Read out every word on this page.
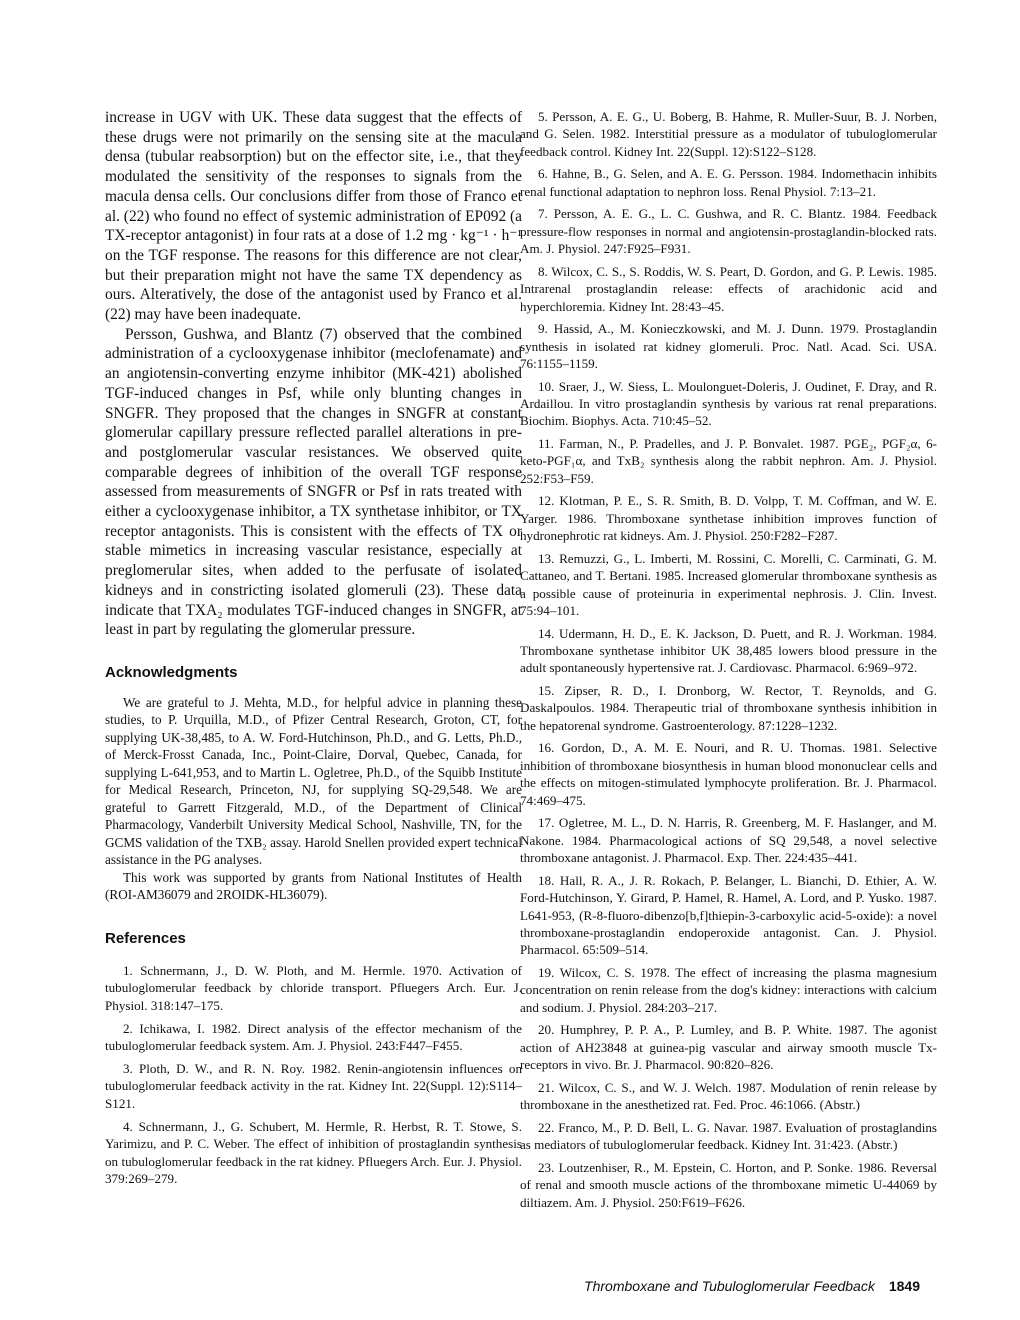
increase in UGV with UK. These data suggest that the effects of these drugs were not primarily on the sensing site at the macula densa (tubular reabsorption) but on the effector site, i.e., that they modulated the sensitivity of the responses to signals from the macula densa cells. Our conclusions differ from those of Franco et al. (22) who found no effect of systemic administration of EP092 (a TX-receptor antagonist) in four rats at a dose of 1.2 mg · kg⁻¹ · h⁻¹ on the TGF response. The reasons for this difference are not clear, but their preparation might not have the same TX dependency as ours. Alteratively, the dose of the antagonist used by Franco et al. (22) may have been inadequate.

Persson, Gushwa, and Blantz (7) observed that the combined administration of a cyclooxygenase inhibitor (meclofenamate) and an angiotensin-converting enzyme inhibitor (MK-421) abolished TGF-induced changes in Psf, while only blunting changes in SNGFR. They proposed that the changes in SNGFR at constant glomerular capillary pressure reflected parallel alterations in pre- and postglomerular vascular resistances. We observed quite comparable degrees of inhibition of the overall TGF response assessed from measurements of SNGFR or Psf in rats treated with either a cyclooxygenase inhibitor, a TX synthetase inhibitor, or TX receptor antagonists. This is consistent with the effects of TX or stable mimetics in increasing vascular resistance, especially at preglomerular sites, when added to the perfusate of isolated kidneys and in constricting isolated glomeruli (23). These data indicate that TXA₂ modulates TGF-induced changes in SNGFR, at least in part by regulating the glomerular pressure.

Acknowledgments

We are grateful to J. Mehta, M.D., for helpful advice in planning these studies, to P. Urquilla, M.D., of Pfizer Central Research, Groton, CT, for supplying UK-38,485, to A. W. Ford-Hutchinson, Ph.D., and G. Letts, Ph.D., of Merck-Frosst Canada, Inc., Point-Claire, Dorval, Quebec, Canada, for supplying L-641,953, and to Martin L. Ogletree, Ph.D., of the Squibb Institute for Medical Research, Princeton, NJ, for supplying SQ-29,548. We are grateful to Garrett Fitzgerald, M.D., of the Department of Clinical Pharmacology, Vanderbilt University Medical School, Nashville, TN, for the GCMS validation of the TXB₂ assay. Harold Snellen provided expert technical assistance in the PG analyses.

This work was supported by grants from National Institutes of Health (ROI-AM36079 and 2ROIDK-HL36079).

References

1. Schnermann, J., D. W. Ploth, and M. Hermle. 1970. Activation of tubuloglomerular feedback by chloride transport. Pfluegers Arch. Eur. J. Physiol. 318:147–175.

2. Ichikawa, I. 1982. Direct analysis of the effector mechanism of the tubuloglomerular feedback system. Am. J. Physiol. 243:F447–F455.

3. Ploth, D. W., and R. N. Roy. 1982. Renin-angiotensin influences on tubuloglomerular feedback activity in the rat. Kidney Int. 22(Suppl. 12):S114–S121.

4. Schnermann, J., G. Schubert, M. Hermle, R. Herbst, R. T. Stowe, S. Yarimizu, and P. C. Weber. The effect of inhibition of prostaglandin synthesis on tubuloglomerular feedback in the rat kidney. Pfluegers Arch. Eur. J. Physiol. 379:269–279.

5. Persson, A. E. G., U. Boberg, B. Hahme, R. Muller-Suur, B. J. Norben, and G. Selen. 1982. Interstitial pressure as a modulator of tubuloglomerular feedback control. Kidney Int. 22(Suppl. 12):S122–S128.

6. Hahne, B., G. Selen, and A. E. G. Persson. 1984. Indomethacin inhibits renal functional adaptation to nephron loss. Renal Physiol. 7:13–21.

7. Persson, A. E. G., L. C. Gushwa, and R. C. Blantz. 1984. Feedback pressure-flow responses in normal and angiotensin-prostaglandin-blocked rats. Am. J. Physiol. 247:F925–F931.

8. Wilcox, C. S., S. Roddis, W. S. Peart, D. Gordon, and G. P. Lewis. 1985. Intrarenal prostaglandin release: effects of arachidonic acid and hyperchloremia. Kidney Int. 28:43–45.

9. Hassid, A., M. Konieczkowski, and M. J. Dunn. 1979. Prostaglandin synthesis in isolated rat kidney glomeruli. Proc. Natl. Acad. Sci. USA. 76:1155–1159.

10. Sraer, J., W. Siess, L. Moulonguet-Doleris, J. Oudinet, F. Dray, and R. Ardaillou. In vitro prostaglandin synthesis by various rat renal preparations. Biochim. Biophys. Acta. 710:45–52.

11. Farman, N., P. Pradelles, and J. P. Bonvalet. 1987. PGE₂, PGF₂α, 6-keto-PGF₁α, and TxB₂ synthesis along the rabbit nephron. Am. J. Physiol. 252:F53–F59.

12. Klotman, P. E., S. R. Smith, B. D. Volpp, T. M. Coffman, and W. E. Yarger. 1986. Thromboxane synthetase inhibition improves function of hydronephrotic rat kidneys. Am. J. Physiol. 250:F282–F287.

13. Remuzzi, G., L. Imberti, M. Rossini, C. Morelli, C. Carminati, G. M. Cattaneo, and T. Bertani. 1985. Increased glomerular thromboxane synthesis as a possible cause of proteinuria in experimental nephrosis. J. Clin. Invest. 75:94–101.

14. Udermann, H. D., E. K. Jackson, D. Puett, and R. J. Workman. 1984. Thromboxane synthetase inhibitor UK 38,485 lowers blood pressure in the adult spontaneously hypertensive rat. J. Cardiovasc. Pharmacol. 6:969–972.

15. Zipser, R. D., I. Dronborg, W. Rector, T. Reynolds, and G. Daskalpoulos. 1984. Therapeutic trial of thromboxane synthesis inhibition in the hepatorenal syndrome. Gastroenterology. 87:1228–1232.

16. Gordon, D., A. M. E. Nouri, and R. U. Thomas. 1981. Selective inhibition of thromboxane biosynthesis in human blood mononuclear cells and the effects on mitogen-stimulated lymphocyte proliferation. Br. J. Pharmacol. 74:469–475.

17. Ogletree, M. L., D. N. Harris, R. Greenberg, M. F. Haslanger, and M. Nakone. 1984. Pharmacological actions of SQ 29,548, a novel selective thromboxane antagonist. J. Pharmacol. Exp. Ther. 224:435–441.

18. Hall, R. A., J. R. Rokach, P. Belanger, L. Bianchi, D. Ethier, A. W. Ford-Hutchinson, Y. Girard, P. Hamel, R. Hamel, A. Lord, and P. Yusko. 1987. L641-953, (R-8-fluoro-dibenzo[b,f]thiepin-3-carboxylic acid-5-oxide): a novel thromboxane-prostaglandin endoperoxide antagonist. Can. J. Physiol. Pharmacol. 65:509–514.

19. Wilcox, C. S. 1978. The effect of increasing the plasma magnesium concentration on renin release from the dog's kidney: interactions with calcium and sodium. J. Physiol. 284:203–217.

20. Humphrey, P. P. A., P. Lumley, and B. P. White. 1987. The agonist action of AH23848 at guinea-pig vascular and airway smooth muscle Tx-receptors in vivo. Br. J. Pharmacol. 90:820–826.

21. Wilcox, C. S., and W. J. Welch. 1987. Modulation of renin release by thromboxane in the anesthetized rat. Fed. Proc. 46:1066. (Abstr.)

22. Franco, M., P. D. Bell, L. G. Navar. 1987. Evaluation of prostaglandins as mediators of tubuloglomerular feedback. Kidney Int. 31:423. (Abstr.)

23. Loutzenhiser, R., M. Epstein, C. Horton, and P. Sonke. 1986. Reversal of renal and smooth muscle actions of the thromboxane mimetic U-44069 by diltiazem. Am. J. Physiol. 250:F619–F626.

Thromboxane and Tubuloglomerular Feedback 1849
